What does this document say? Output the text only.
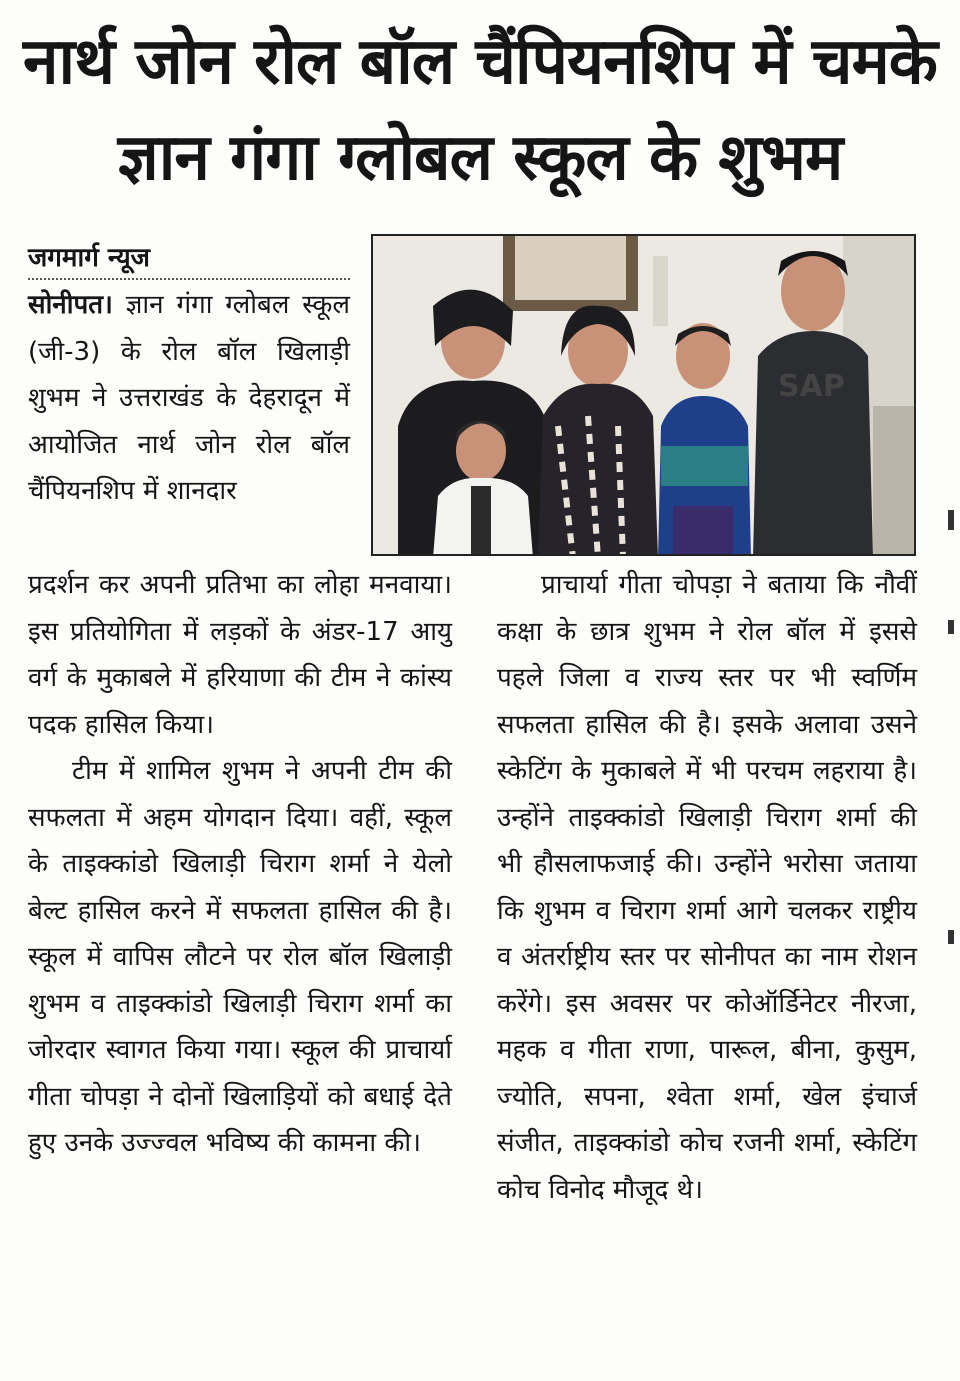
नार्थ जोन रोल बॉल चैंपियनशिप में चमके
ज्ञान गंगा ग्लोबल स्कूल के शुभम
जगमार्ग न्यूज

सोनीपत। ज्ञान गंगा ग्लोबल स्कूल (जी-3) के रोल बॉल खिलाड़ी शुभम ने उत्तराखंड के देहरादून में आयोजित नार्थ जोन रोल बॉल चैंपियनशिप में शानदार

SAP

प्रदर्शन कर अपनी प्रतिभा का लोहा मनवाया। इस प्रतियोगिता में लड़कों के अंडर-17 आयु वर्ग के मुकाबले में हरियाणा की टीम ने कांस्य पदक हासिल किया।

टीम में शामिल शुभम ने अपनी टीम की सफलता में अहम योगदान दिया। वहीं, स्कूल के ताइक्कांडो खिलाड़ी चिराग शर्मा ने येलो बेल्ट हासिल करने में सफलता हासिल की है। स्कूल में वापिस लौटने पर रोल बॉल खिलाड़ी शुभम व ताइक्कांडो खिलाड़ी चिराग शर्मा का जोरदार स्वागत किया गया। स्कूल की प्राचार्या गीता चोपड़ा ने दोनों खिलाड़ियों को बधाई देते हुए उनके उज्ज्वल भविष्य की कामना की।

प्राचार्या गीता चोपड़ा ने बताया कि नौवीं कक्षा के छात्र शुभम ने रोल बॉल में इससे पहले जिला व राज्य स्तर पर भी स्वर्णिम सफलता हासिल की है। इसके अलावा उसने स्केटिंग के मुकाबले में भी परचम लहराया है। उन्होंने ताइक्कांडो खिलाड़ी चिराग शर्मा की भी हौसलाफजाई की। उन्होंने भरोसा जताया कि शुभम व चिराग शर्मा आगे चलकर राष्ट्रीय व अंतर्राष्ट्रीय स्तर पर सोनीपत का नाम रोशन करेंगे। इस अवसर पर कोऑर्डिनेटर नीरजा, महक व गीता राणा, पारूल, बीना, कुसुम, ज्योति, सपना, श्वेता शर्मा, खेल इंचार्ज संजीत, ताइक्कांडो कोच रजनी शर्मा, स्केटिंग कोच विनोद मौजूद थे।
